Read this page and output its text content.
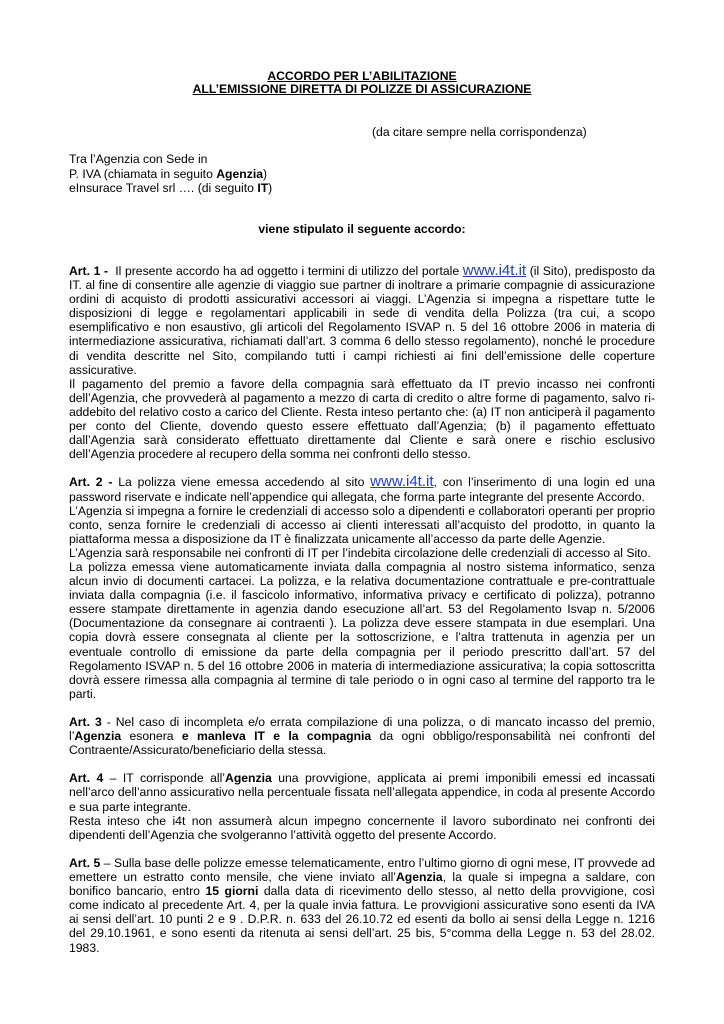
ACCORDO PER L’ABILITAZIONE
ALL’EMISSIONE DIRETTA DI POLIZZE DI ASSICURAZIONE
(da citare sempre nella corrispondenza)
Tra l’Agenzia con Sede in
P. IVA (chiamata in seguito Agenzia)
eInsurace Travel srl …. (di seguito IT)
viene stipulato il seguente accordo:

Art. 1 - Il presente accordo ha ad oggetto i termini di utilizzo del portale www.i4t.it (il Sito), predisposto da IT. al fine di consentire alle agenzie di viaggio sue partner di inoltrare a primarie compagnie di assicurazione ordini di acquisto di prodotti assicurativi accessori ai viaggi. L’Agenzia si impegna a rispettare tutte le disposizioni di legge e regolamentari applicabili in sede di vendita della Polizza (tra cui, a scopo esemplificativo e non esaustivo, gli articoli del Regolamento ISVAP n. 5 del 16 ottobre 2006 in materia di intermediazione assicurativa, richiamati dall’art. 3 comma 6 dello stesso regolamento), nonché le procedure di vendita descritte nel Sito, compilando tutti i campi richiesti ai fini dell’emissione delle coperture assicurative.

Il pagamento del premio a favore della compagnia sarà effettuato da IT previo incasso nei confronti dell’Agenzia, che provvederà al pagamento a mezzo di carta di credito o altre forme di pagamento, salvo ri-addebito del relativo costo a carico del Cliente. Resta inteso pertanto che: (a) IT non anticiperà il pagamento per conto del Cliente, dovendo questo essere effettuato dall’Agenzia; (b) il pagamento effettuato dall’Agenzia sarà considerato effettuato direttamente dal Cliente e sarà onere e rischio esclusivo dell’Agenzia procedere al recupero della somma nei confronti dello stesso.

Art. 2 - La polizza viene emessa accedendo al sito www.i4t.it, con l’inserimento di una login ed una password riservate e indicate nell’appendice qui allegata, che forma parte integrante del presente Accordo.

L’Agenzia si impegna a fornire le credenziali di accesso solo a dipendenti e collaboratori operanti per proprio conto, senza fornire le credenziali di accesso ai clienti interessati all’acquisto del prodotto, in quanto la piattaforma messa a disposizione da IT è finalizzata unicamente all’accesso da parte delle Agenzie.

L’Agenzia sarà responsabile nei confronti di IT per l’indebita circolazione delle credenziali di accesso al Sito.

La polizza emessa viene automaticamente inviata dalla compagnia al nostro sistema informatico, senza alcun invio di documenti cartacei. La polizza, e la relativa documentazione contrattuale e pre-contrattuale inviata dalla compagnia (i.e. il fascicolo informativo, informativa privacy e certificato di polizza), potranno essere stampate direttamente in agenzia dando esecuzione all’art. 53 del Regolamento Isvap n. 5/2006 (Documentazione da consegnare ai contraenti ). La polizza deve essere stampata in due esemplari. Una copia dovrà essere consegnata al cliente per la sottoscrizione, e l’altra trattenuta in agenzia per un eventuale controllo di emissione da parte della compagnia per il periodo prescritto dall’art. 57 del Regolamento ISVAP n. 5 del 16 ottobre 2006 in materia di intermediazione assicurativa; la copia sottoscritta dovrà essere rimessa alla compagnia al termine di tale periodo o in ogni caso al termine del rapporto tra le parti.

Art. 3 - Nel caso di incompleta e/o errata compilazione di una polizza, o di mancato incasso del premio, l’Agenzia esonera e manleva IT e la compagnia da ogni obbligo/responsabilità nei confronti del Contraente/Assicurato/beneficiario della stessa.

Art. 4 – IT corrisponde all’Agenzia una provvigione, applicata ai premi imponibili emessi ed incassati nell’arco dell’anno assicurativo nella percentuale fissata nell’allegata appendice, in coda al presente Accordo e sua parte integrante.

Resta inteso che i4t non assumerà alcun impegno concernente il lavoro subordinato nei confronti dei dipendenti dell’Agenzia che svolgeranno l’attività oggetto del presente Accordo.

Art. 5 – Sulla base delle polizze emesse telematicamente, entro l’ultimo giorno di ogni mese, IT provvede ad emettere un estratto conto mensile, che viene inviato all’Agenzia, la quale si impegna a saldare, con bonifico bancario, entro 15 giorni dalla data di ricevimento dello stesso, al netto della provvigione, così come indicato al precedente Art. 4, per la quale invia fattura. Le provvigioni assicurative sono esenti da IVA ai sensi dell’art. 10 punti 2 e 9 . D.P.R. n. 633 del 26.10.72 ed esenti da bollo ai sensi della Legge n. 1216 del 29.10.1961, e sono esenti da ritenuta ai sensi dell’art. 25 bis, 5°comma della Legge n. 53 del 28.02. 1983.
